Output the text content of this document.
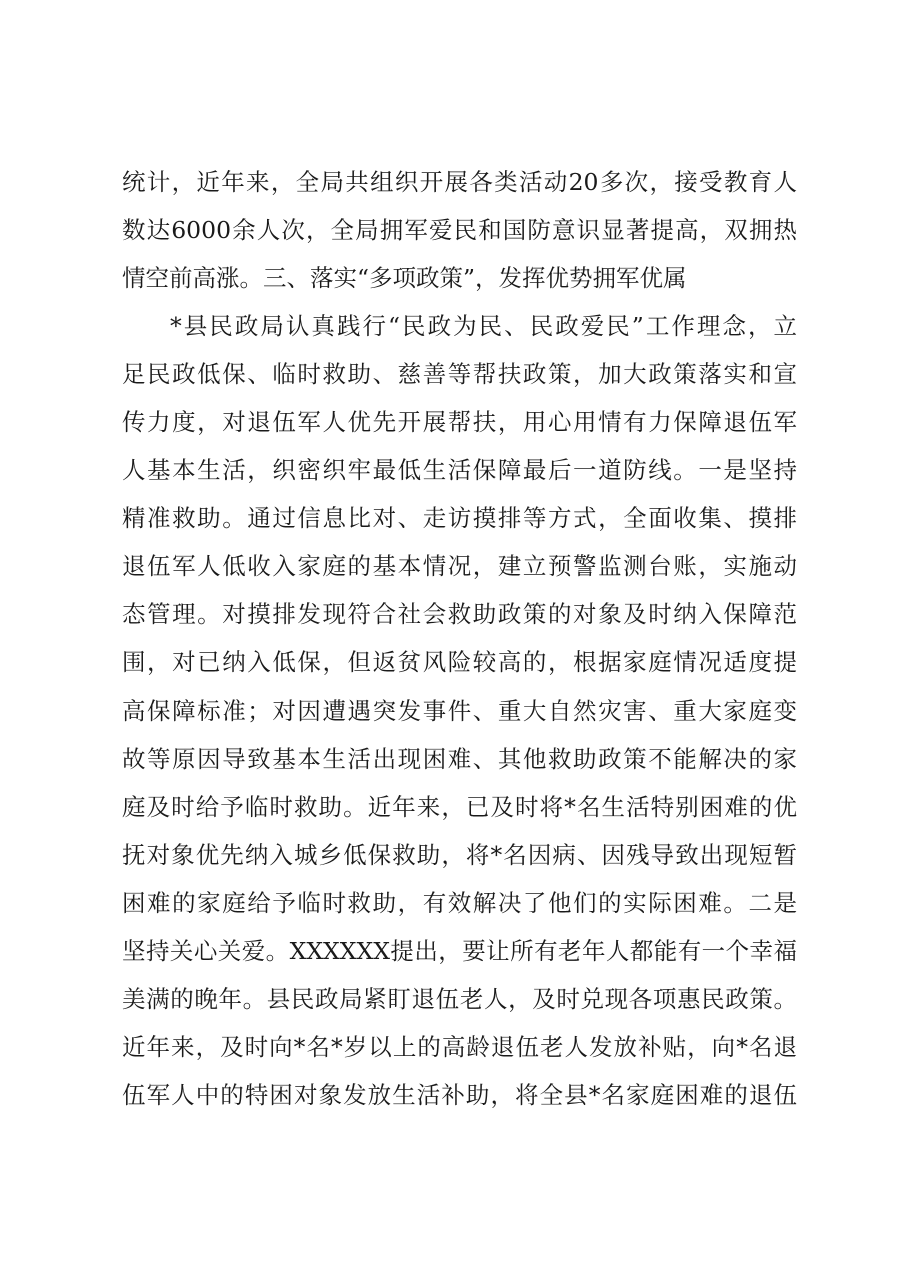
统计，近年来，全局共组织开展各类活动20多次，接受教育人
数达6000余人次，全局拥军爱民和国防意识显著提高，双拥热
情空前高涨。三、落实“多项政策”，发挥优势拥军优属
*县民政局认真践行“民政为民、民政爱民”工作理念，立
足民政低保、临时救助、慈善等帮扶政策，加大政策落实和宣
传力度，对退伍军人优先开展帮扶，用心用情有力保障退伍军
人基本生活，织密织牢最低生活保障最后一道防线。一是坚持
精准救助。通过信息比对、走访摸排等方式，全面收集、摸排
退伍军人低收入家庭的基本情况，建立预警监测台账，实施动
态管理。对摸排发现符合社会救助政策的对象及时纳入保障范
围，对已纳入低保，但返贫风险较高的，根据家庭情况适度提
高保障标准；对因遭遇突发事件、重大自然灾害、重大家庭变
故等原因导致基本生活出现困难、其他救助政策不能解决的家
庭及时给予临时救助。近年来，已及时将*名生活特别困难的优
抚对象优先纳入城乡低保救助，将*名因病、因残导致出现短暂
困难的家庭给予临时救助，有效解决了他们的实际困难。二是
坚持关心关爱。XXXXXX提出，要让所有老年人都能有一个幸福
美满的晚年。县民政局紧盯退伍老人，及时兑现各项惠民政策。
近年来，及时向*名*岁以上的高龄退伍老人发放补贴，向*名退
伍军人中的特困对象发放生活补助，将全县*名家庭困难的退伍
